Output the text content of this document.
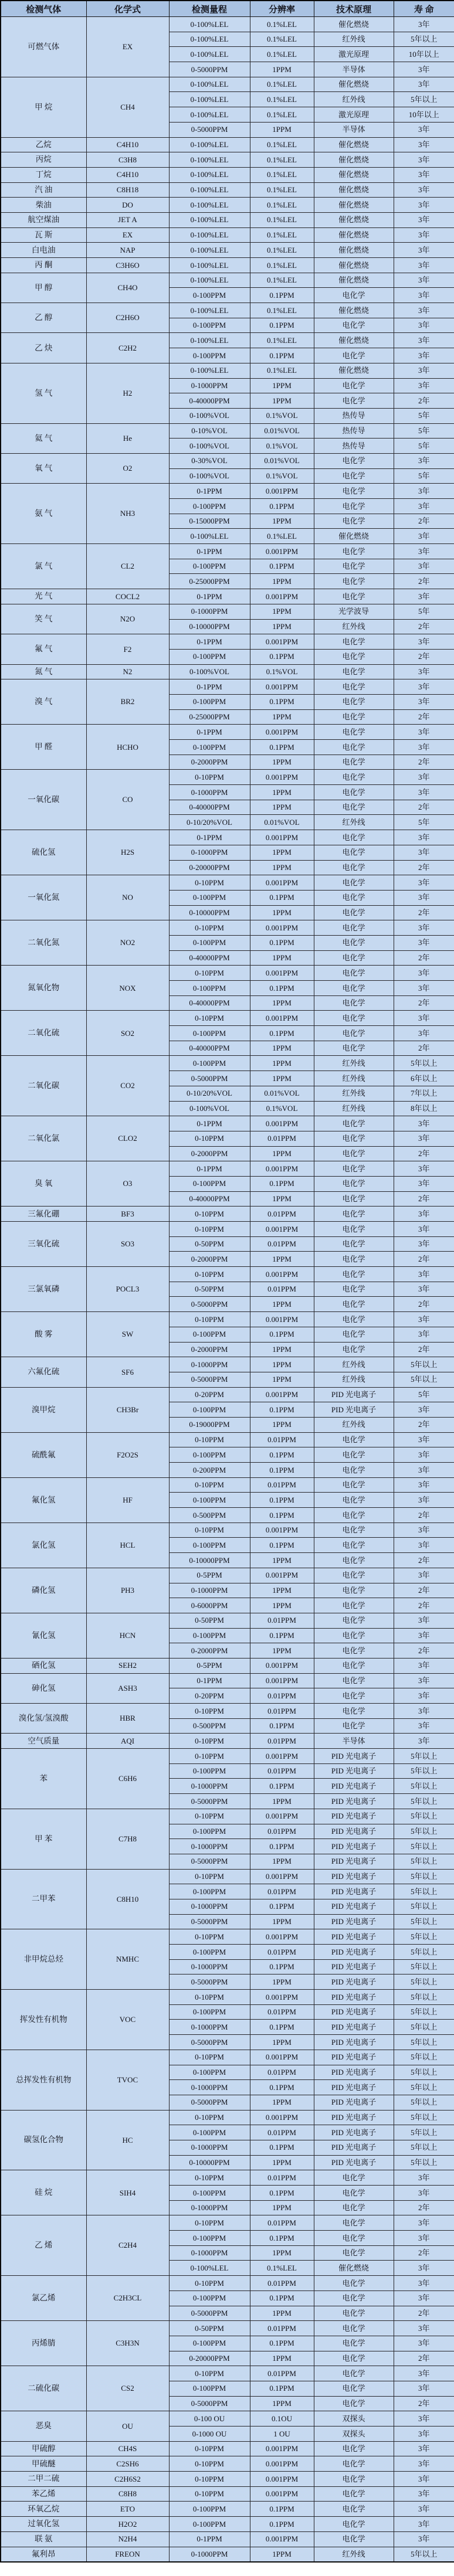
检测气体	化学式	检测量程	分辨率	技术原理	寿 命
可燃气体	EX	0-100%LEL	0.1%LEL	催化燃烧	3年
		0-100%LEL	0.1%LEL	红外线	5年以上
		0-100%LEL	0.1%LEL	激光原理	10年以上
		0-5000PPM	1PPM	半导体	3年
甲 烷	CH4	0-100%LEL	0.1%LEL	催化燃烧	3年
		0-100%LEL	0.1%LEL	红外线	5年以上
		0-100%LEL	0.1%LEL	激光原理	10年以上
		0-5000PPM	1PPM	半导体	3年
乙烷	C4H10	0-100%LEL	0.1%LEL	催化燃烧	3年
丙烷	C3H8	0-100%LEL	0.1%LEL	催化燃烧	3年
丁烷	C4H10	0-100%LEL	0.1%LEL	催化燃烧	3年
汽 油	C8H18	0-100%LEL	0.1%LEL	催化燃烧	3年
柴油	DO	0-100%LEL	0.1%LEL	催化燃烧	3年
航空煤油	JET A	0-100%LEL	0.1%LEL	催化燃烧	3年
瓦 斯	EX	0-100%LEL	0.1%LEL	催化燃烧	3年
白电油	NAP	0-100%LEL	0.1%LEL	催化燃烧	3年
丙 酮	C3H6O	0-100%LEL	0.1%LEL	催化燃烧	3年
甲 醇	CH4O	0-100%LEL	0.1%LEL	催化燃烧	3年
		0-100PPM	0.1PPM	电化学	3年
乙 醇	C2H6O	0-100%LEL	0.1%LEL	催化燃烧	3年
		0-100PPM	0.1PPM	电化学	3年
乙 炔	C2H2	0-100%LEL	0.1%LEL	催化燃烧	3年
		0-100PPM	0.1PPM	电化学	3年
氢 气	H2	0-100%LEL	0.1%LEL	催化燃烧	3年
		0-1000PPM	1PPM	电化学	3年
		0-40000PPM	1PPM	电化学	2年
		0-100%VOL	0.1%VOL	热传导	5年
氦 气	He	0-10%VOL	0.01%VOL	热传导	5年
		0-100%VOL	0.1%VOL	热传导	5年
氧 气	O2	0-30%VOL	0.01%VOL	电化学	3年
		0-100%VOL	0.1%VOL	电化学	5年
氨 气	NH3	0-1PPM	0.001PPM	电化学	3年
		0-100PPM	0.1PPM	电化学	3年
		0-15000PPM	1PPM	电化学	2年
		0-100%LEL	0.1%LEL	催化燃烧	3年
氯 气	CL2	0-1PPM	0.001PPM	电化学	3年
		0-100PPM	0.1PPM	电化学	3年
		0-25000PPM	1PPM	电化学	2年
光 气	COCL2	0-1PPM	0.001PPM	电化学	3年
笑 气	N2O	0-1000PPM	1PPM	光学波导	5年
		0-10000PPM	1PPM	红外线	2年
氟 气	F2	0-1PPM	0.001PPM	电化学	3年
		0-100PPM	0.1PPM	电化学	2年
氮 气	N2	0-100%VOL	0.1%VOL	电化学	3年
溴 气	BR2	0-1PPM	0.001PPM	电化学	3年
		0-100PPM	0.1PPM	电化学	3年
		0-25000PPM	1PPM	电化学	2年
甲 醛	HCHO	0-1PPM	0.001PPM	电化学	3年
		0-100PPM	0.1PPM	电化学	3年
		0-2000PPM	1PPM	电化学	2年
一氧化碳	CO	0-10PPM	0.001PPM	电化学	3年
		0-1000PPM	1PPM	电化学	3年
		0-40000PPM	1PPM	电化学	2年
		0-10/20%VOL	0.01%VOL	红外线	5年
硫化氢	H2S	0-1PPM	0.001PPM	电化学	3年
		0-1000PPM	1PPM	电化学	3年
		0-20000PPM	1PPM	电化学	2年
一氧化氮	NO	0-10PPM	0.001PPM	电化学	3年
		0-100PPM	0.1PPM	电化学	3年
		0-10000PPM	1PPM	电化学	2年
二氧化氮	NO2	0-10PPM	0.001PPM	电化学	3年
		0-100PPM	0.1PPM	电化学	3年
		0-40000PPM	1PPM	电化学	2年
氮氧化物	NOX	0-10PPM	0.001PPM	电化学	3年
		0-100PPM	0.1PPM	电化学	3年
		0-40000PPM	1PPM	电化学	2年
二氧化硫	SO2	0-10PPM	0.001PPM	电化学	3年
		0-100PPM	0.1PPM	电化学	3年
		0-40000PPM	1PPM	电化学	2年
二氧化碳	CO2	0-100PPM	1PPM	红外线	5年以上
		0-5000PPM	1PPM	红外线	6年以上
		0-10/20%VOL	0.01%VOL	红外线	7年以上
		0-100%VOL	0.1%VOL	红外线	8年以上
二氧化氯	CLO2	0-1PPM	0.001PPM	电化学	3年
		0-10PPM	0.01PPM	电化学	3年
		0-2000PPM	1PPM	电化学	2年
臭 氧	O3	0-1PPM	0.001PPM	电化学	3年
		0-100PPM	0.1PPM	电化学	3年
		0-40000PPM	1PPM	电化学	2年
三氟化硼	BF3	0-10PPM	0.01PPM	电化学	3年
三氧化硫	SO3	0-10PPM	0.001PPM	电化学	3年
		0-50PPM	0.01PPM	电化学	3年
		0-2000PPM	1PPM	电化学	2年
三氯氧磷	POCL3	0-10PPM	0.001PPM	电化学	3年
		0-50PPM	0.01PPM	电化学	3年
		0-5000PPM	1PPM	电化学	2年
酸 雾	SW	0-10PPM	0.001PPM	电化学	3年
		0-100PPM	0.1PPM	电化学	3年
		0-2000PPM	1PPM	电化学	2年
六氟化硫	SF6	0-1000PPM	1PPM	红外线	5年以上
		0-5000PPM	1PPM	红外线	5年以上
溴甲烷	CH3Br	0-20PPM	0.001PPM	PID 光电离子	5年
		0-100PPM	0.1PPM	PID 光电离子	3年
		0-19000PPM	1PPM	红外线	2年
硫酰氟	F2O2S	0-10PPM	0.01PPM	电化学	3年
		0-100PPM	0.1PPM	电化学	3年
		0-200PPM	0.1PPM	电化学	3年
氟化氢	HF	0-10PPM	0.01PPM	电化学	3年
		0-100PPM	0.1PPM	电化学	3年
		0-500PPM	0.1PPM	电化学	2年
氯化氢	HCL	0-10PPM	0.001PPM	电化学	3年
		0-100PPM	0.1PPM	电化学	3年
		0-10000PPM	1PPM	电化学	2年
磷化氢	PH3	0-5PPM	0.001PPM	电化学	3年
		0-1000PPM	1PPM	电化学	2年
		0-6000PPM	1PPM	电化学	2年
氰化氢	HCN	0-50PPM	0.01PPM	电化学	3年
		0-100PPM	0.1PPM	电化学	3年
		0-2000PPM	1PPM	电化学	2年
硒化氢	SEH2	0-5PPM	0.001PPM	电化学	3年
砷化氢	ASH3	0-1PPM	0.001PPM	电化学	3年
		0-20PPM	0.01PPM	电化学	3年
溴化氢/氢溴酸	HBR	0-10PPM	0.01PPM	电化学	3年
		0-500PPM	0.1PPM	电化学	3年
空气质量	AQI	0-10PPM	0.01PPM	半导体	3年
苯	C6H6	0-10PPM	0.001PPM	PID 光电离子	5年以上
		0-100PPM	0.01PPM	PID 光电离子	5年以上
		0-1000PPM	0.1PPM	PID 光电离子	5年以上
		0-5000PPM	1PPM	PID 光电离子	5年以上
甲 苯	C7H8	0-10PPM	0.001PPM	PID 光电离子	5年以上
		0-100PPM	0.01PPM	PID 光电离子	5年以上
		0-1000PPM	0.1PPM	PID 光电离子	5年以上
		0-5000PPM	1PPM	PID 光电离子	5年以上
二甲苯	C8H10	0-10PPM	0.001PPM	PID 光电离子	5年以上
		0-100PPM	0.01PPM	PID 光电离子	5年以上
		0-1000PPM	0.1PPM	PID 光电离子	5年以上
		0-5000PPM	1PPM	PID 光电离子	5年以上
非甲烷总烃	NMHC	0-10PPM	0.001PPM	PID 光电离子	5年以上
		0-100PPM	0.01PPM	PID 光电离子	5年以上
		0-1000PPM	0.1PPM	PID 光电离子	5年以上
		0-5000PPM	1PPM	PID 光电离子	5年以上
挥发性有机物	VOC	0-10PPM	0.001PPM	PID 光电离子	5年以上
		0-100PPM	0.01PPM	PID 光电离子	5年以上
		0-1000PPM	0.1PPM	PID 光电离子	5年以上
		0-5000PPM	1PPM	PID 光电离子	5年以上
总挥发性有机物	TVOC	0-10PPM	0.001PPM	PID 光电离子	5年以上
		0-100PPM	0.01PPM	PID 光电离子	5年以上
		0-1000PPM	0.1PPM	PID 光电离子	5年以上
		0-5000PPM	1PPM	PID 光电离子	5年以上
碳氢化合物	HC	0-10PPM	0.001PPM	PID 光电离子	5年以上
		0-100PPM	0.01PPM	PID 光电离子	5年以上
		0-1000PPM	0.1PPM	PID 光电离子	5年以上
		0-10000PPM	1PPM	PID 光电离子	5年以上
硅 烷	SIH4	0-10PPM	0.01PPM	电化学	3年
		0-100PPM	0.1PPM	电化学	3年
		0-1000PPM	1PPM	电化学	2年
乙 烯	C2H4	0-10PPM	0.01PPM	电化学	3年
		0-100PPM	0.1PPM	电化学	3年
		0-1000PPM	1PPM	电化学	2年
		0-100%LEL	0.1%LEL	催化燃烧	3年
氯乙烯	C2H3CL	0-10PPM	0.01PPM	电化学	3年
		0-100PPM	0.1PPM	电化学	3年
		0-5000PPM	1PPM	电化学	2年
丙烯腈	C3H3N	0-50PPM	0.01PPM	电化学	3年
		0-100PPM	0.1PPM	电化学	3年
		0-20000PPM	1PPM	电化学	2年
二硫化碳	CS2	0-10PPM	0.01PPM	电化学	3年
		0-100PPM	0.1PPM	电化学	3年
		0-5000PPM	1PPM	电化学	2年
恶臭	OU	0-100 OU	0.1OU	双探头	3年
		0-1000 OU	1 OU	双探头	3年
甲硫醇	CH4S	0-10PPM	0.001PPM	电化学	3年
甲硫醚	C2SH6	0-10PPM	0.001PPM	电化学	3年
二甲二硫	C2H6S2	0-10PPM	0.001PPM	电化学	3年
苯乙烯	C8H8	0-10PPM	0.001PPM	电化学	3年
环氧乙烷	ETO	0-100PPM	0.1PPM	电化学	3年
过氧化氢	H2O2	0-100PPM	0.1PPM	电化学	3年
联 氨	N2H4	0-1PPM	0.001PPM	电化学	3年
氟利昂	FREON	0-1000PPM	1PPM	红外线	5年以上
